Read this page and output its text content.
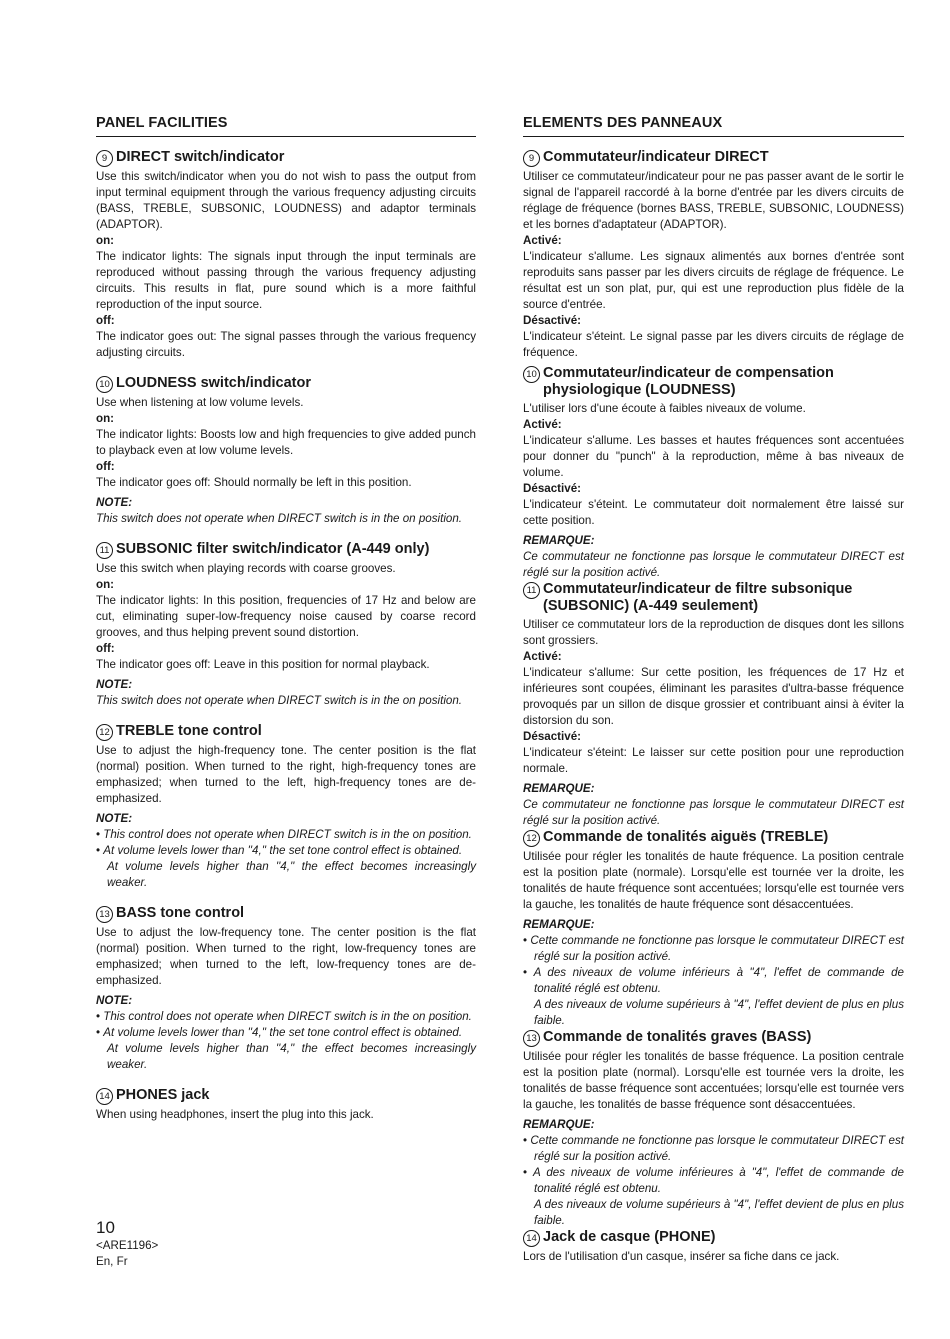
PANEL FACILITIES
9 DIRECT switch/indicator

Use this switch/indicator when you do not wish to pass the output from input terminal equipment through the various frequency adjusting circuits (BASS, TREBLE, SUBSONIC, LOUDNESS) and adaptor terminals (ADAPTOR).

on:

The indicator lights: The signals input through the input terminals are reproduced without passing through the various frequency adjusting circuits. This results in flat, pure sound which is a more faithful reproduction of the input source.

off:

The indicator goes out: The signal passes through the various frequency adjusting circuits.

10 LOUDNESS switch/indicator

Use when listening at low volume levels.

on:

The indicator lights: Boosts low and high frequencies to give added punch to playback even at low volume levels.

off:

The indicator goes off: Should normally be left in this position.

NOTE:

This switch does not operate when DIRECT switch is in the on position.

11 SUBSONIC filter switch/indicator (A-449 only)

Use this switch when playing records with coarse grooves.

on:

The indicator lights: In this position, frequencies of 17 Hz and below are cut, eliminating super-low-frequency noise caused by coarse record grooves, and thus helping prevent sound distortion.

off:

The indicator goes off: Leave in this position for normal playback.

NOTE:

This switch does not operate when DIRECT switch is in the on position.

12 TREBLE tone control

Use to adjust the high-frequency tone. The center position is the flat (normal) position. When turned to the right, high-frequency tones are emphasized; when turned to the left, high-frequency tones are de-emphasized.

NOTE:

• This control does not operate when DIRECT switch is in the on position.

• At volume levels lower than ''4,'' the set tone control effect is obtained.

At volume levels higher than ''4,'' the effect becomes increasingly weaker.

13 BASS tone control

Use to adjust the low-frequency tone. The center position is the flat (normal) position. When turned to the right, low-frequency tones are emphasized; when turned to the left, low-frequency tones are de-emphasized.

NOTE:

• This control does not operate when DIRECT switch is in the on position.

• At volume levels lower than ''4,'' the set tone control effect is obtained.

At volume levels higher than ''4,'' the effect becomes increasingly weaker.

14 PHONES jack

When using headphones, insert the plug into this jack.

ELEMENTS DES PANNEAUX
9 Commutateur/indicateur DIRECT

Utiliser ce commutateur/indicateur pour ne pas passer avant de le sortir le signal de l'appareil raccordé à la borne d'entrée par les divers circuits de réglage de fréquence (bornes BASS, TREBLE, SUBSONIC, LOUDNESS) et les bornes d'adaptateur (ADAPTOR).

Activé:

L'indicateur s'allume. Les signaux alimentés aux bornes d'entrée sont reproduits sans passer par les divers circuits de réglage de fréquence. Le résultat est un son plat, pur, qui est une reproduction plus fidèle de la source d'entrée.

Désactivé:

L'indicateur s'éteint. Le signal passe par les divers circuits de réglage de fréquence.

10 Commutateur/indicateur de compensation physiologique (LOUDNESS)

L'utiliser lors d'une écoute à faibles niveaux de volume.

Activé:

L'indicateur s'allume. Les basses et hautes fréquences sont accentuées pour donner du "punch" à la reproduction, même à bas niveaux de volume.

Désactivé:

L'indicateur s'éteint. Le commutateur doit normalement être laissé sur cette position.

REMARQUE:

Ce commutateur ne fonctionne pas lorsque le commutateur DIRECT est réglé sur la position activé.

11 Commutateur/indicateur de filtre subsonique (SUBSONIC) (A-449 seulement)

Utiliser ce commutateur lors de la reproduction de disques dont les sillons sont grossiers.

Activé:

L'indicateur s'allume: Sur cette position, les fréquences de 17 Hz et inférieures sont coupées, éliminant les parasites d'ultra-basse fréquence provoqués par un sillon de disque grossier et contribuant ainsi à éviter la distorsion du son.

Désactivé:

L'indicateur s'éteint: Le laisser sur cette position pour une reproduction normale.

REMARQUE:

Ce commutateur ne fonctionne pas lorsque le commutateur DIRECT est réglé sur la position activé.

12 Commande de tonalités aiguës (TREBLE)

Utilisée pour régler les tonalités de haute fréquence. La position centrale est la position plate (normale). Lorsqu'elle est tournée ver la droite, les tonalités de haute fréquence sont accentuées; lorsqu'elle est tournée vers la gauche, les tonalités de haute fréquence sont désaccentuées.

REMARQUE:

• Cette commande ne fonctionne pas lorsque le commutateur DIRECT est réglé sur la position activé.

• A des niveaux de volume inférieurs à "4", l'effet de commande de tonalité réglé est obtenu.

A des niveaux de volume supérieurs à "4", l'effet devient de plus en plus faible.

13 Commande de tonalités graves (BASS)

Utilisée pour régler les tonalités de basse fréquence. La position centrale est la position plate (normal). Lorsqu'elle est tournée vers la droite, les tonalités de basse fréquence sont accentuées; lorsqu'elle est tournée vers la gauche, les tonalités de basse fréquence sont désaccentuées.

REMARQUE:

• Cette commande ne fonctionne pas lorsque le commutateur DIRECT est réglé sur la position activé.

• A des niveaux de volume inférieures à "4", l'effet de commande de tonalité réglé est obtenu.

A des niveaux de volume supérieurs à "4", l'effet devient de plus en plus faible.

14 Jack de casque (PHONE)

Lors de l'utilisation d'un casque, insérer sa fiche dans ce jack.

10

<ARE1196>

En, Fr
